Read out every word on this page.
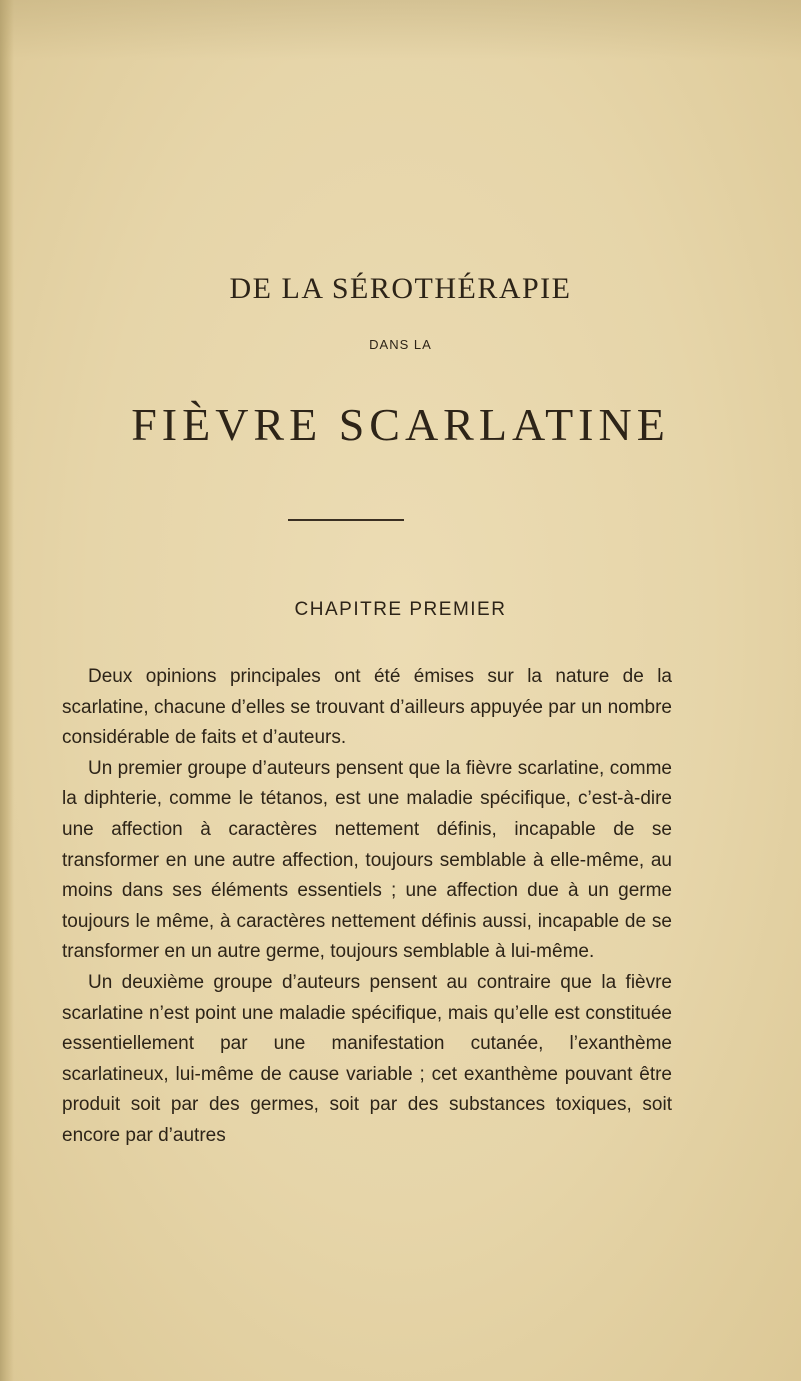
DE LA SÉROTHÉRAPIE
DANS LA
FIÈVRE SCARLATINE
CHAPITRE PREMIER

Deux opinions principales ont été émises sur la nature de la scarlatine, chacune d’elles se trouvant d’ailleurs appuyée par un nombre considérable de faits et d’auteurs.

Un premier groupe d’auteurs pensent que la fièvre scarlatine, comme la diphterie, comme le tétanos, est une maladie spécifique, c’est-à-dire une affection à caractères nettement définis, incapable de se transformer en une autre affection, toujours semblable à elle-même, au moins dans ses éléments essentiels ; une affection due à un germe toujours le même, à caractères nettement définis aussi, incapable de se transformer en un autre germe, toujours semblable à lui-même.

Un deuxième groupe d’auteurs pensent au contraire que la fièvre scarlatine n’est point une maladie spécifique, mais qu’elle est constituée essentiellement par une manifestation cutanée, l’exanthème scarlatineux, lui-même de cause variable ; cet exanthème pouvant être produit soit par des germes, soit par des substances toxiques, soit encore par d’autres
